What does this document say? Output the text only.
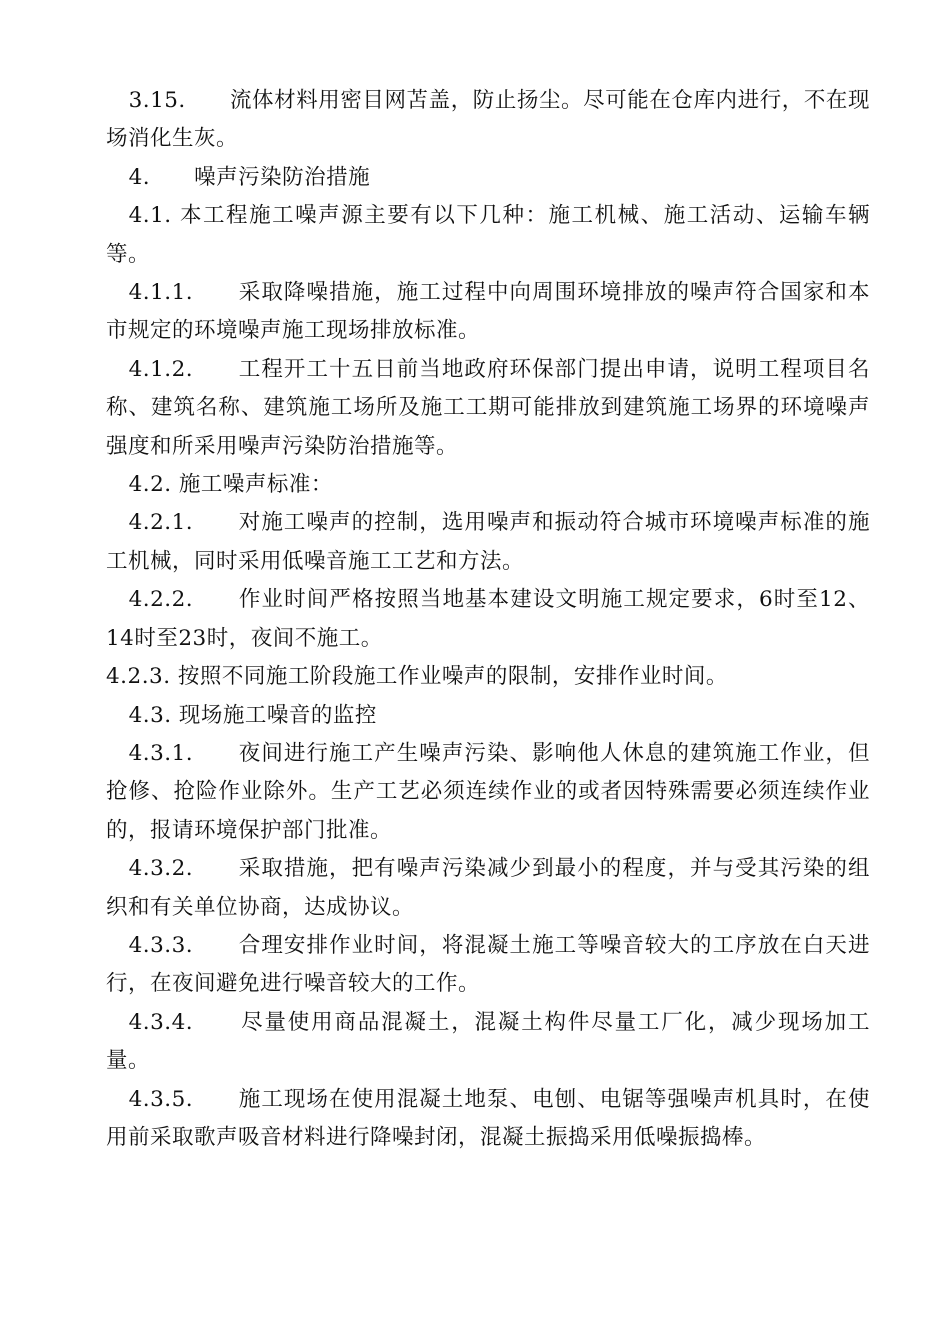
3.15.　　流体材料用密目网苫盖，防止扬尘。尽可能在仓库内进行，不在现场消化生灰。

4.　　噪声污染防治措施

4.1. 本工程施工噪声源主要有以下几种：施工机械、施工活动、运输车辆等。

4.1.1.　　采取降噪措施，施工过程中向周围环境排放的噪声符合国家和本市规定的环境噪声施工现场排放标准。

4.1.2.　　工程开工十五日前当地政府环保部门提出申请，说明工程项目名称、建筑名称、建筑施工场所及施工工期可能排放到建筑施工场界的环境噪声强度和所采用噪声污染防治措施等。

4.2. 施工噪声标准：

4.2.1.　　对施工噪声的控制，选用噪声和振动符合城市环境噪声标准的施工机械，同时采用低噪音施工工艺和方法。

4.2.2.　　作业时间严格按照当地基本建设文明施工规定要求，6时至12、14时至23时，夜间不施工。

4.2.3. 按照不同施工阶段施工作业噪声的限制，安排作业时间。

4.3. 现场施工噪音的监控

4.3.1.　　夜间进行施工产生噪声污染、影响他人休息的建筑施工作业，但抢修、抢险作业除外。生产工艺必须连续作业的或者因特殊需要必须连续作业的，报请环境保护部门批准。

4.3.2.　　采取措施，把有噪声污染减少到最小的程度，并与受其污染的组织和有关单位协商，达成协议。

4.3.3.　　合理安排作业时间，将混凝土施工等噪音较大的工序放在白天进行，在夜间避免进行噪音较大的工作。

4.3.4.　　尽量使用商品混凝土，混凝土构件尽量工厂化，减少现场加工量。

4.3.5.　　施工现场在使用混凝土地泵、电刨、电锯等强噪声机具时，在使用前采取歌声吸音材料进行降噪封闭，混凝土振捣采用低噪振捣棒。
